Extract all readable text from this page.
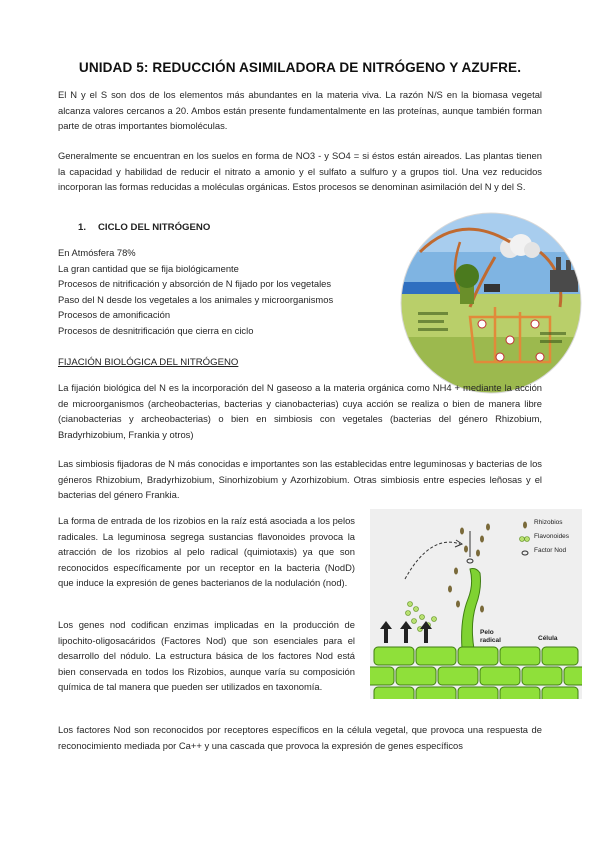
UNIDAD 5: REDUCCIÓN ASIMILADORA DE NITRÓGENO Y AZUFRE.

El N y el S son dos de los elementos más abundantes en la materia viva. La razón N/S en la biomasa vegetal alcanza valores cercanos a 20. Ambos están presente fundamentalmente en las proteínas, aunque también forman parte de otras importantes biomoléculas.

Generalmente se encuentran en los suelos en forma de NO3 - y SO4 = si éstos están aireados. Las plantas tienen la capacidad y habilidad de reducir el nitrato a amonio y el sulfato a sulfuro y a grupos tiol. Una vez reducidos incorporan las formas reducidas a moléculas orgánicas. Estos procesos se denominan asimilación del N y del S.

1. CICLO DEL NITRÓGENO
En Atmósfera 78%
La gran cantidad que se fija biológicamente
Procesos de nitrificación y absorción de N fijado por los vegetales
Paso del N desde los vegetales a los animales y microorganismos
Procesos de amonificación
Procesos de desnitrificación que cierra en ciclo
FIJACIÓN BIOLÓGICA DEL NITRÓGENO

La fijación biológica del N es la incorporación del N gaseoso a la materia orgánica como NH4 + mediante la acción de microorganismos (archeobacterias, bacterias y cianobacterias) cuya acción se realiza o bien de manera libre (cianobacterias y archeobacterias) o bien en simbiosis con vegetales (bacterias del género Rhizobium, Bradyrhizobium, Frankia y otros)

Las simbiosis fijadoras de N más conocidas e importantes son las establecidas entre leguminosas y bacterias de los géneros Rhizobium, Bradyrhizobium, Sinorhizobium y Azorhizobium. Otras simbiosis entre especies leñosas y el bacterias del género Frankia.

La forma de entrada de los rizobios en la raíz está asociada a los pelos radicales. La leguminosa segrega sustancias flavonoides provoca la atracción de los rizobios al pelo radical (quimiotaxis) ya que son reconocidos específicamente por un receptor en la bacteria (NodD) que induce la expresión de genes bacterianos de la nodulación (nod).

Los genes nod codifican enzimas implicadas en la producción de lipochito-oligosacáridos (Factores Nod) que son esenciales para el desarrollo del nódulo. La estructura básica de los factores Nod está bien conservada en todos los Rizobios, aunque varía su composición química de tal manera que pueden ser utilizados en taxonomía.

Los factores Nod son reconocidos por receptores específicos en la célula vegetal, que provoca una respuesta de reconocimiento mediada por Ca++ y una cascada que provoca la expresión de genes específicos

Rhizobios
Flavonoides
Factor Nod
Pelo radical	Célula
